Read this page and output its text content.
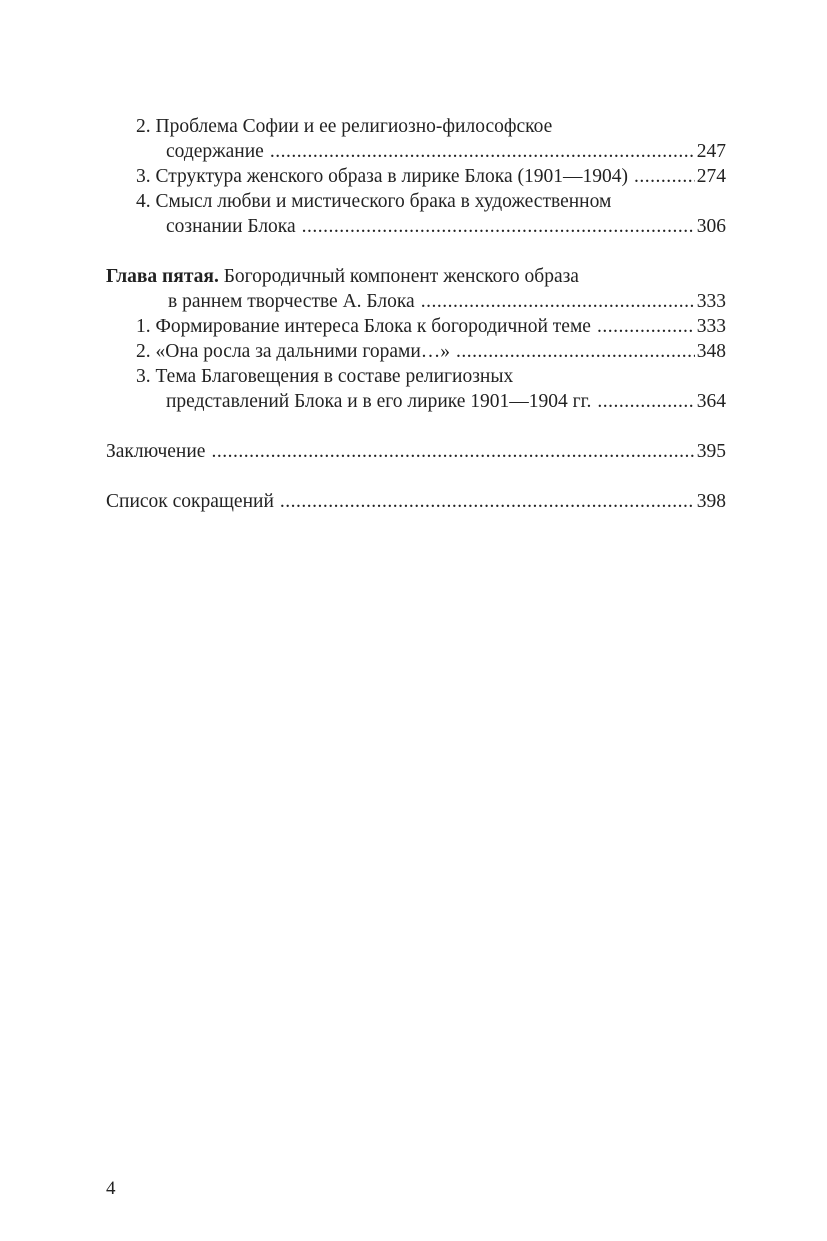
2. Проблема Софии и ее религиозно-философское
содержание .....	247
3. Структура женского образа в лирике Блока (1901—1904) .....	274
4. Смысл любви и мистического брака в художественном
сознании Блока .....	306
Глава пятая. Богородичный компонент женского образа
в раннем творчестве А. Блока .....	333
1. Формирование интереса Блока к богородичной теме .....	333
2. «Она росла за дальними горами…» .....	348
3. Тема Благовещения в составе религиозных
представлений Блока и в его лирике 1901—1904 гг. .....	364
Заключение .....	395
Список сокращений .....	398
4
